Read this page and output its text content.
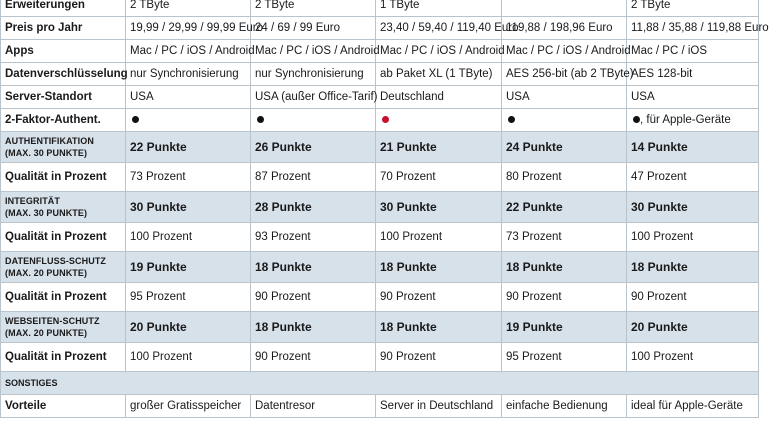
Erweiterungen	2 TByte	2 TByte	1 TByte		2 TByte
Preis pro Jahr	19,99 / 29,99 / 99,99 Euro	24 / 69 / 99 Euro	23,40 / 59,40 / 119,40 Euro	119,88 / 198,96 Euro	11,88 / 35,88 / 119,88 Euro
Apps	Mac / PC / iOS / Android	Mac / PC / iOS / Android	Mac / PC / iOS / Android	Mac / PC / iOS / Android	Mac / PC / iOS
Datenverschlüsselung	nur Synchronisierung	nur Synchronisierung	ab Paket XL (1 TByte)	AES 256-bit (ab 2 TByte)	AES 128-bit
Server-Standort	USA	USA (außer Office-Tarif)	Deutschland	USA	USA
2-Faktor-Authent.					, für Apple-Geräte

AUTHENTIFIKATION
(MAX. 30 PUNKTE)	22 Punkte	26 Punkte	21 Punkte	24 Punkte	14 Punkte
Qualität in Prozent	73 Prozent	87 Prozent	70 Prozent	80 Prozent	47 Prozent

INTEGRITÄT
(MAX. 30 PUNKTE)	30 Punkte	28 Punkte	30 Punkte	22 Punkte	30 Punkte
Qualität in Prozent	100 Prozent	93 Prozent	100 Prozent	73 Prozent	100 Prozent

DATENFLUSS-SCHUTZ
(MAX. 20 PUNKTE)	19 Punkte	18 Punkte	18 Punkte	18 Punkte	18 Punkte
Qualität in Prozent	95 Prozent	90 Prozent	90 Prozent	90 Prozent	90 Prozent

WEBSEITEN-SCHUTZ
(MAX. 20 PUNKTE)	20 Punkte	18 Punkte	18 Punkte	19 Punkte	20 Punkte
Qualität in Prozent	100 Prozent	90 Prozent	90 Prozent	95 Prozent	100 Prozent
SONSTIGES					
Vorteile	großer Gratisspeicher	Datentresor	Server in Deutschland	einfache Bedienung	ideal für Apple-Geräte
